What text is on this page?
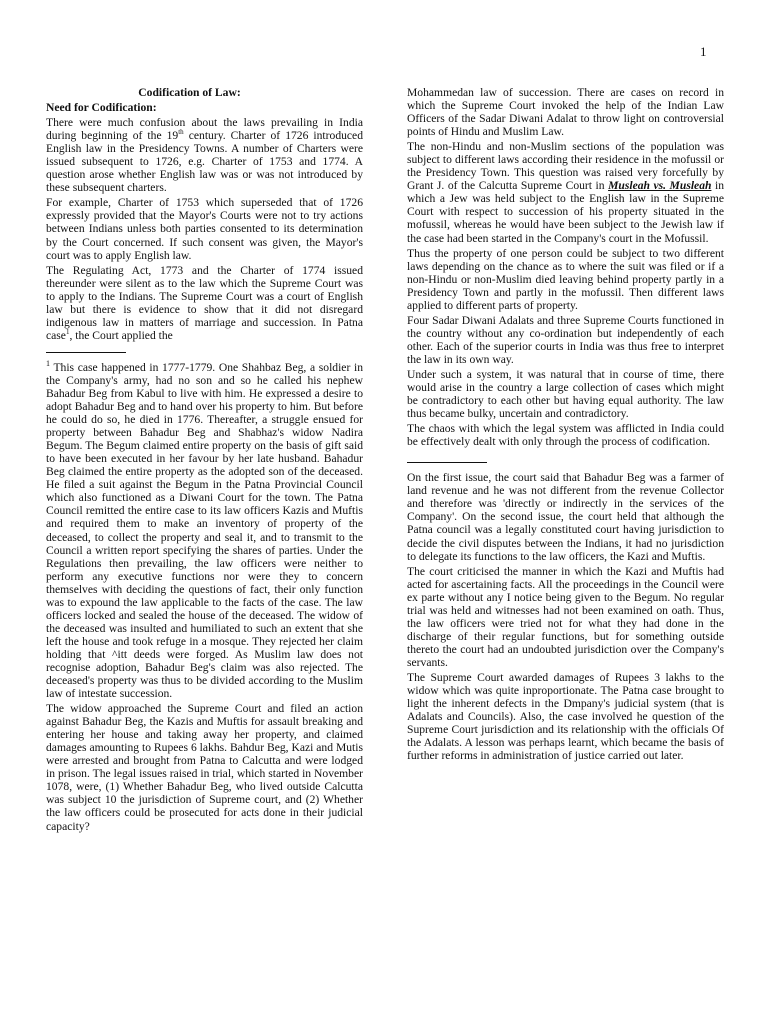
1

Codification of Law:

Need for Codification:

There were much confusion about the laws prevailing in India during beginning of the 19th century. Charter of 1726 introduced English law in the Presidency Towns. A number of Charters were issued subsequent to 1726, e.g. Charter of 1753 and 1774. A question arose whether English law was or was not introduced by these subsequent charters.

For example, Charter of 1753 which superseded that of 1726 expressly provided that the Mayor's Courts were not to try actions between Indians unless both parties consented to its determination by the Court concerned. If such consent was given, the Mayor's court was to apply English law.

The Regulating Act, 1773 and the Charter of 1774 issued thereunder were silent as to the law which the Supreme Court was to apply to the Indians. The Supreme Court was a court of English law but there is evidence to show that it did not disregard indigenous law in matters of marriage and succession. In Patna case$^1$, the Court applied the

$^1$ This case happened in 1777-1779. One Shahbaz Beg, a soldier in the Company's army, had no son and so he called his nephew Bahadur Beg from Kabul to live with him. He expressed a desire to adopt Bahadur Beg and to hand over his property to him. But before he could do so, he died in 1776. Thereafter, a struggle ensued for property between Bahadur Beg and Shabhaz's widow Nadira Begum. The Begum claimed entire property on the basis of gift said to have been executed in her favour by her late husband. Bahadur Beg claimed the entire property as the adopted son of the deceased. He filed a suit against the Begum in the Patna Provincial Council which also functioned as a Diwani Court for the town. The Patna Council remitted the entire case to its law officers Kazis and Muftis and required them to make an inventory of property of the deceased, to collect the property and seal it, and to transmit to the Council a written report specifying the shares of parties. Under the Regulations then prevailing, the law officers were neither to perform any executive functions nor were they to concern themselves with deciding the questions of fact, their only function was to expound the law applicable to the facts of the case. The law officers locked and sealed the house of the deceased. The widow of the deceased was insulted and humiliated to such an extent that she left the house and took refuge in a mosque. They rejected her claim holding that ^itt deeds were forged. As Muslim law does not recognise adoption, Bahadur Beg's claim was also rejected. The deceased's property was thus to be divided according to the Muslim law of intestate succession.

The widow approached the Supreme Court and filed an action against Bahadur Beg, the Kazis and Muftis for assault breaking and entering her house and taking away her property, and claimed damages amounting to Rupees 6 lakhs. Bahdur Beg, Kazi and Mutis were arrested and brought from Patna to Calcutta and were lodged in prison. The legal issues raised in trial, which started in November 1078, were, (1) Whether Bahadur Beg, who lived outside Calcutta was subject 10 the jurisdiction of Supreme court, and (2) Whether the law officers could be prosecuted for acts done in their judicial capacity?

Mohammedan law of succession. There are cases on record in which the Supreme Court invoked the help of the Indian Law Officers of the Sadar Diwani Adalat to throw light on controversial points of Hindu and Muslim Law.

The non-Hindu and non-Muslim sections of the population was subject to different laws according their residence in the mofussil or the Presidency Town. This question was raised very forcefully by Grant J. of the Calcutta Supreme Court in Musleah vs. Musleah in which a Jew was held subject to the English law in the Supreme Court with respect to succession of his property situated in the mofussil, whereas he would have been subject to the Jewish law if the case had been started in the Company's court in the Mofussil.

Thus the property of one person could be subject to two different laws depending on the chance as to where the suit was filed or if a non-Hindu or non-Muslim died leaving behind property partly in a Presidency Town and partly in the mofussil. Then different laws applied to different parts of property.

Four Sadar Diwani Adalats and three Supreme Courts functioned in the country without any co-ordination but independently of each other. Each of the superior courts in India was thus free to interpret the law in its own way.

Under such a system, it was natural that in course of time, there would arise in the country a large collection of cases which might be contradictory to each other but having equal authority. The law thus became bulky, uncertain and contradictory.

The chaos with which the legal system was afflicted in India could be effectively dealt with only through the process of codification.

On the first issue, the court said that Bahadur Beg was a farmer of land revenue and he was not different from the revenue Collector and therefore was 'directly or indirectly in the services of the Company'. On the second issue, the court held that although the Patna council was a legally constituted court having jurisdiction to decide the civil disputes between the Indians, it had no jurisdiction to delegate its functions to the law officers, the Kazi and Muftis.

The court criticised the manner in which the Kazi and Muftis had acted for ascertaining facts. All the proceedings in the Council were ex parte without any I notice being given to the Begum. No regular trial was held and witnesses had not been examined on oath. Thus, the law officers were tried not for what they had done in the discharge of their regular functions, but for something outside thereto the court had an undoubted jurisdiction over the Company's servants.

The Supreme Court awarded damages of Rupees 3 lakhs to the widow which was quite inproportionate. The Patna case brought to light the inherent defects in the Dmpany's judicial system (that is Adalats and Councils). Also, the case involved he question of the Supreme Court jurisdiction and its relationship with the officials Of the Adalats. A lesson was perhaps learnt, which became the basis of further reforms in administration of justice carried out later.
